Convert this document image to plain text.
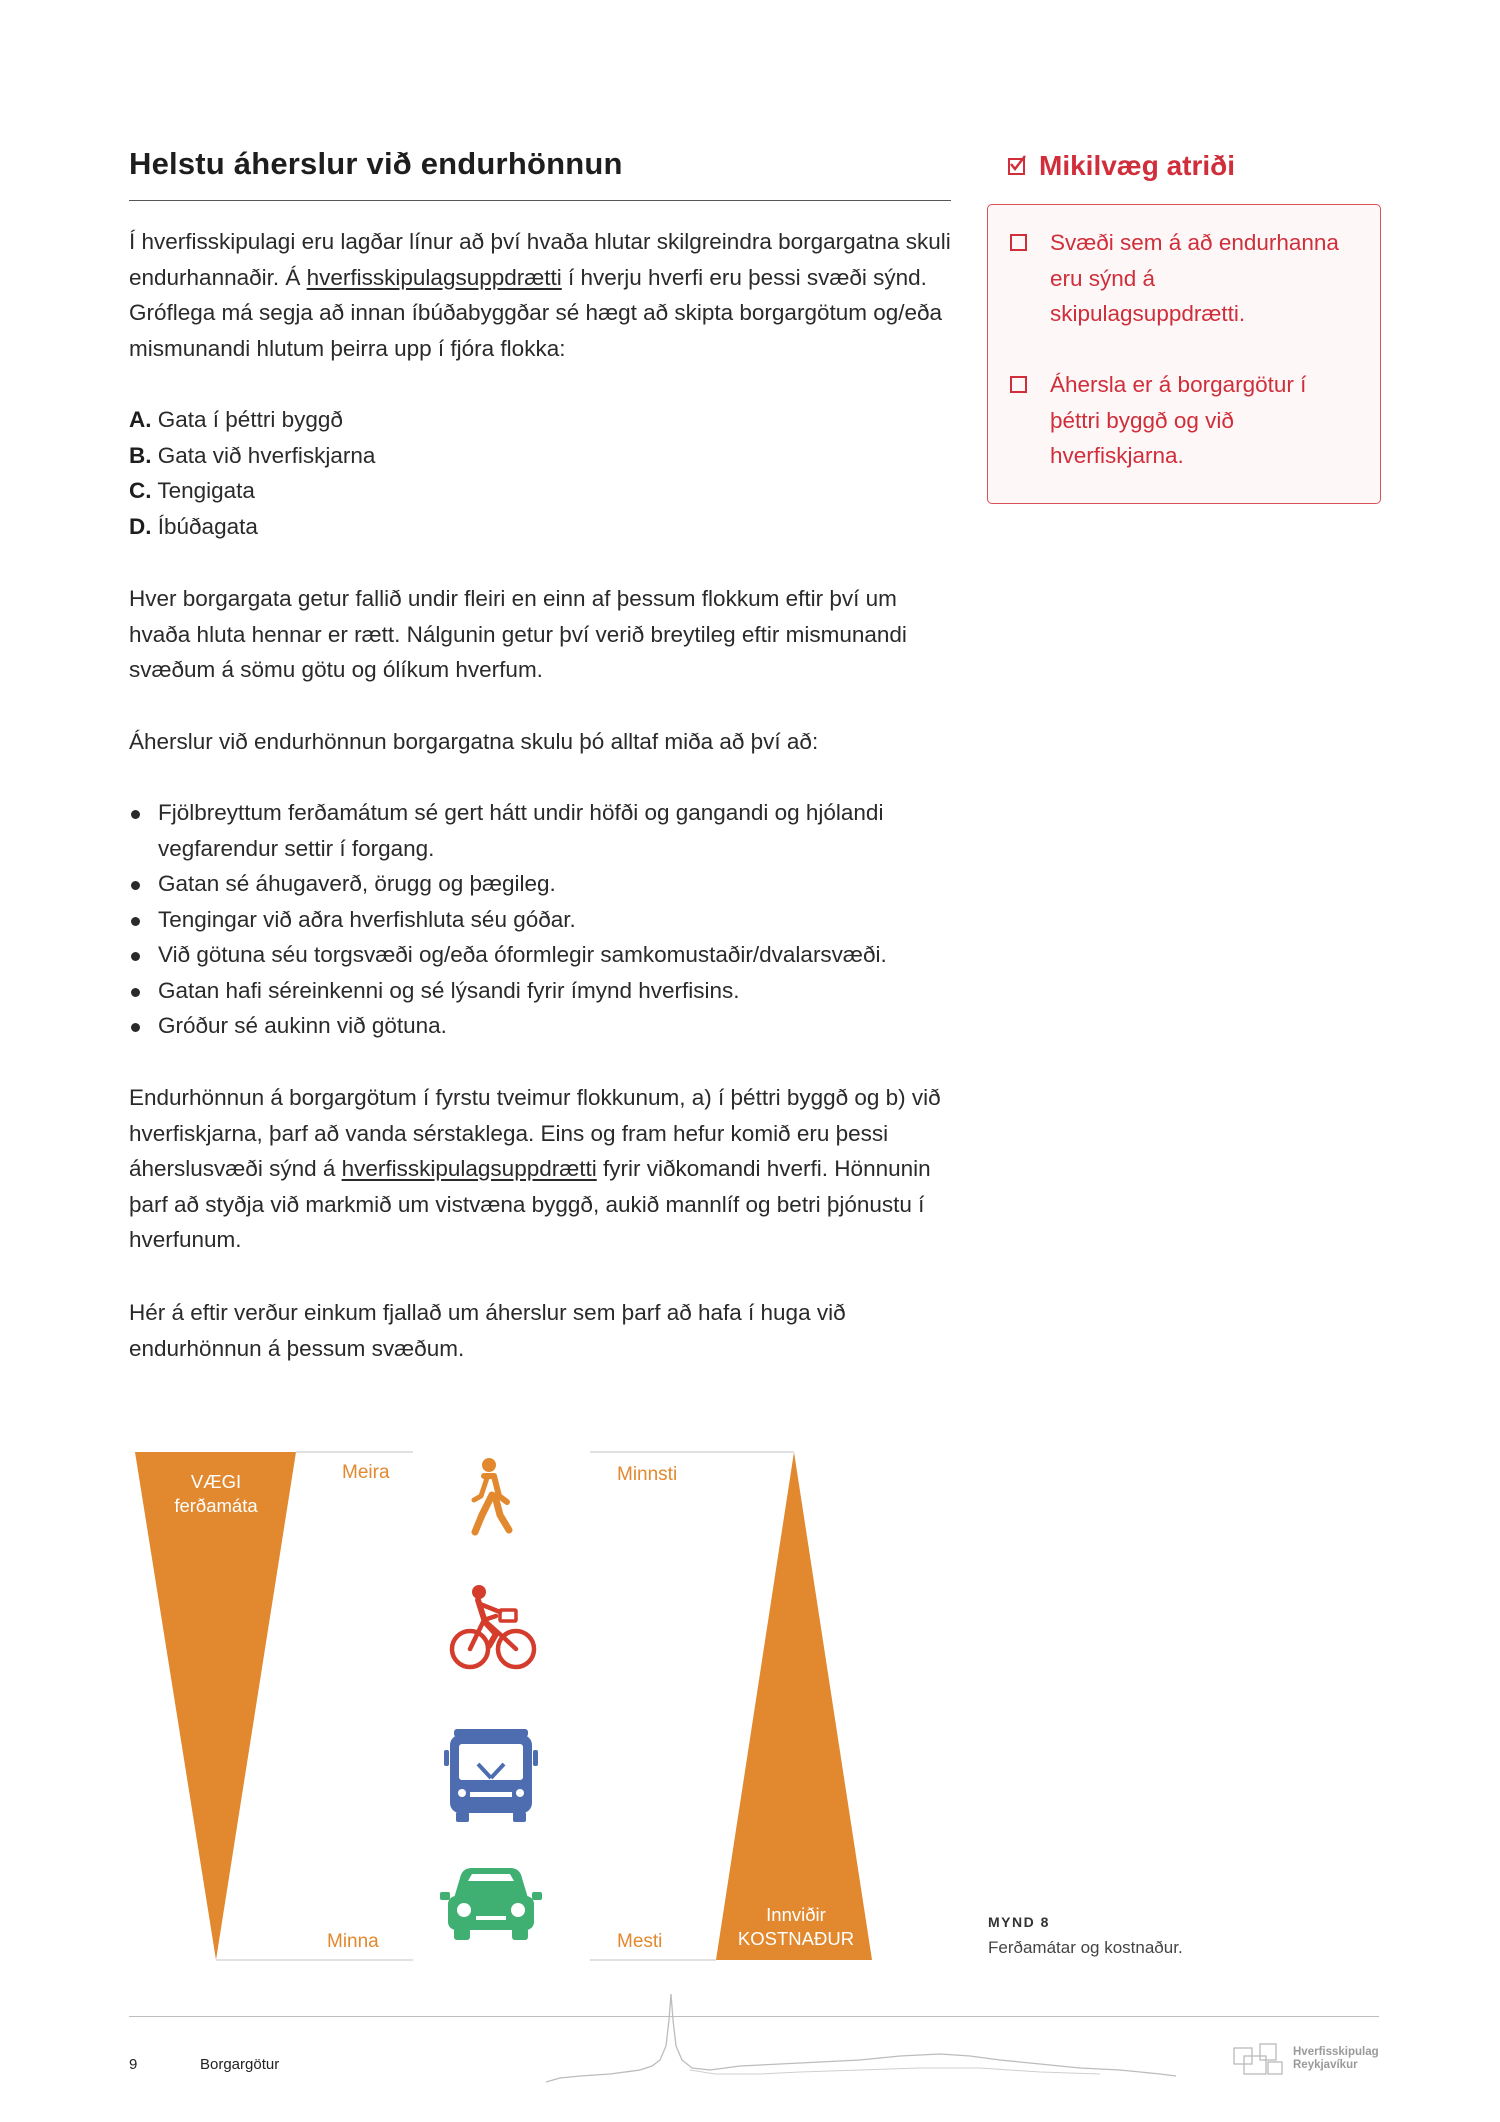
Helstu áherslur við endurhönnun

Í hverfisskipulagi eru lagðar línur að því hvaða hlutar skilgreindra borgargatna skuli endurhannaðir. Á hverfisskipulagsuppdrætti í hverju hverfi eru þessi svæði sýnd. Gróflega má segja að innan íbúðabyggðar sé hægt að skipta borgargötum og/eða mismunandi hlutum þeirra upp í fjóra flokka:

A. Gata í þéttri byggð
B. Gata við hverfiskjarna
C. Tengigata
D. Íbúðagata

Hver borgargata getur fallið undir fleiri en einn af þessum flokkum eftir því um hvaða hluta hennar er rætt. Nálgunin getur því verið breytileg eftir mismunandi svæðum á sömu götu og ólíkum hverfum.

Áherslur við endurhönnun borgargatna skulu þó alltaf miða að því að:

Fjölbreyttum ferðamátum sé gert hátt undir höfði og gangandi og hjólandi vegfarendur settir í forgang.
Gatan sé áhugaverð, örugg og þægileg.
Tengingar við aðra hverfishluta séu góðar.
Við götuna séu torgsvæði og/eða óformlegir samkomustaðir/dvalarsvæði.
Gatan hafi séreinkenni og sé lýsandi fyrir ímynd hverfisins.
Gróður sé aukinn við götuna.

Endurhönnun á borgargötum í fyrstu tveimur flokkunum, a) í þéttri byggð og b) við hverfiskjarna, þarf að vanda sérstaklega. Eins og fram hefur komið eru þessi áherslusvæði sýnd á hverfisskipulagsuppdrætti fyrir viðkomandi hverfi. Hönnunin þarf að styðja við markmið um vistvæna byggð, aukið mannlíf og betri þjónustu í hverfunum.

Hér á eftir verður einkum fjallað um áherslur sem þarf að hafa í huga við endurhönnun á þessum svæðum.

Mikilvæg atriði
Svæði sem á að endurhanna eru sýnd á skipulagsuppdrætti.
Áhersla er á borgargötur í þéttri byggð og við hverfiskjarna.
VÆGI
ferðamáta
Meira
Minna
Minnsti
Mesti
Innviðir
KOSTNAÐUR
MYND 8
Ferðamátar og kostnaður.
9	Borgargötur
Hverfisskipulag
Reykjavíkur
